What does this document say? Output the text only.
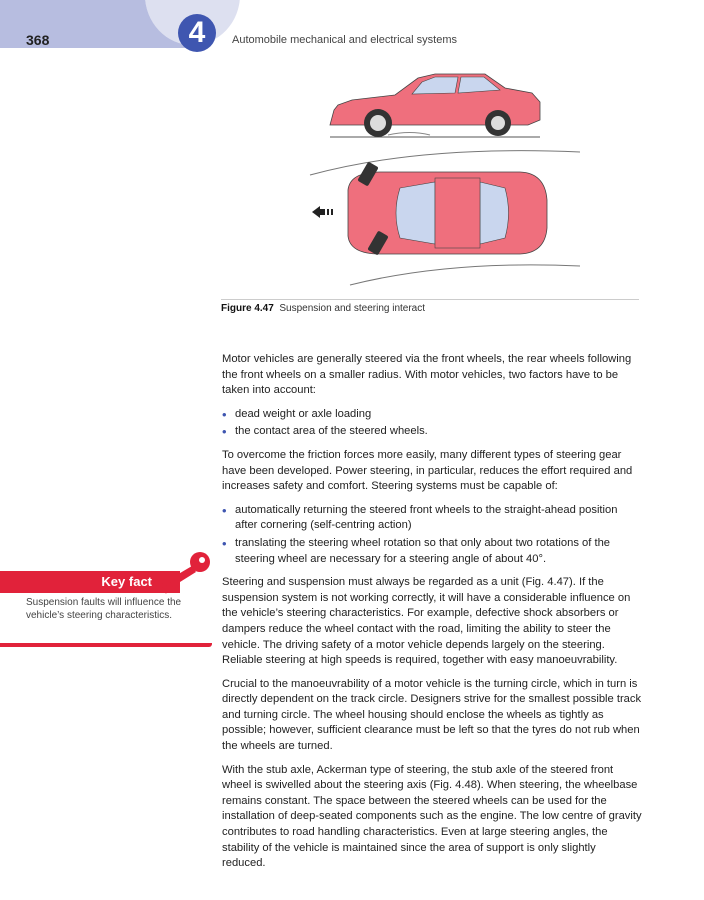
368	4	Automobile mechanical and electrical systems
Figure 4.47 Suspension and steering interact
Key fact
Suspension faults will influence the vehicle’s steering characteristics.

Motor vehicles are generally steered via the front wheels, the rear wheels following the front wheels on a smaller radius. With motor vehicles, two factors have to be taken into account:

• dead weight or axle loading
• the contact area of the steered wheels.

To overcome the friction forces more easily, many different types of steering gear have been developed. Power steering, in particular, reduces the effort required and increases safety and comfort. Steering systems must be capable of:

• automatically returning the steered front wheels to the straight-ahead position after cornering (self-centring action)
• translating the steering wheel rotation so that only about two rotations of the steering wheel are necessary for a steering angle of about 40°.

Steering and suspension must always be regarded as a unit (Fig. 4.47). If the suspension system is not working correctly, it will have a considerable influence on the vehicle’s steering characteristics. For example, defective shock absorbers or dampers reduce the wheel contact with the road, limiting the ability to steer the vehicle. The driving safety of a motor vehicle depends largely on the steering. Reliable steering at high speeds is required, together with easy manoeuvrability.

Crucial to the manoeuvrability of a motor vehicle is the turning circle, which in turn is directly dependent on the track circle. Designers strive for the smallest possible track and turning circle. The wheel housing should enclose the wheels as tightly as possible; however, sufficient clearance must be left so that the tyres do not rub when the wheels are turned.

With the stub axle, Ackerman type of steering, the stub axle of the steered front wheel is swivelled about the steering axis (Fig. 4.48). When steering, the wheelbase remains constant. The space between the steered wheels can be used for the installation of deep-seated components such as the engine. The low centre of gravity contributes to road handling characteristics. Even at large steering angles, the stability of the vehicle is maintained since the area of support is only slightly reduced.
